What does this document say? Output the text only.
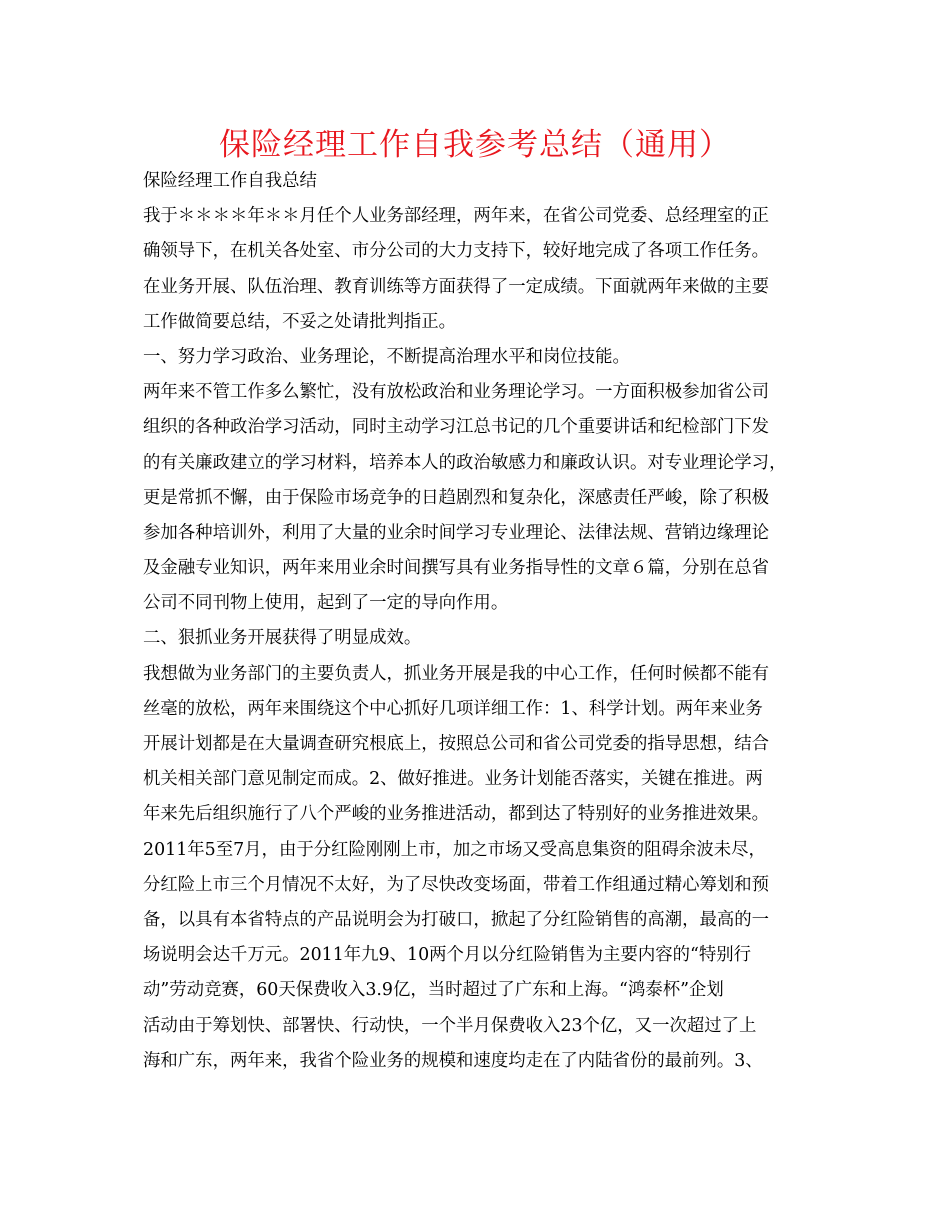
保险经理工作自我参考总结（通用）
保险经理工作自我总结
我于＊＊＊＊年＊＊月任个人业务部经理，两年来，在省公司党委、总经理室的正
确领导下，在机关各处室、市分公司的大力支持下，较好地完成了各项工作任务。
在业务开展、队伍治理、教育训练等方面获得了一定成绩。下面就两年来做的主要
工作做简要总结，不妥之处请批判指正。
一、努力学习政治、业务理论，不断提高治理水平和岗位技能。
两年来不管工作多么繁忙，没有放松政治和业务理论学习。一方面积极参加省公司
组织的各种政治学习活动，同时主动学习江总书记的几个重要讲话和纪检部门下发
的有关廉政建立的学习材料，培养本人的政治敏感力和廉政认识。对专业理论学习，
更是常抓不懈，由于保险市场竞争的日趋剧烈和复杂化，深感责任严峻，除了积极
参加各种培训外，利用了大量的业余时间学习专业理论、法律法规、营销边缘理论
及金融专业知识，两年来用业余时间撰写具有业务指导性的文章６篇，分别在总省
公司不同刊物上使用，起到了一定的导向作用。
二、狠抓业务开展获得了明显成效。
我想做为业务部门的主要负责人，抓业务开展是我的中心工作，任何时候都不能有
丝毫的放松，两年来围绕这个中心抓好几项详细工作：1、科学计划。两年来业务
开展计划都是在大量调查研究根底上，按照总公司和省公司党委的指导思想，结合
机关相关部门意见制定而成。2、做好推进。业务计划能否落实，关键在推进。两
年来先后组织施行了八个严峻的业务推进活动，都到达了特别好的业务推进效果。
2011年5至7月，由于分红险刚刚上市，加之市场又受高息集资的阻碍余波未尽，
分红险上市三个月情况不太好，为了尽快改变场面，带着工作组通过精心筹划和预
备，以具有本省特点的产品说明会为打破口，掀起了分红险销售的高潮，最高的一
场说明会达千万元。2011年九9、10两个月以分红险销售为主要内容的“特别行
动”劳动竞赛，60天保费收入3.9亿，当时超过了广东和上海。“鸿泰杯”企划
活动由于筹划快、部署快、行动快，一个半月保费收入23个亿，又一次超过了上
海和广东，两年来，我省个险业务的规模和速度均走在了内陆省份的最前列。3、
